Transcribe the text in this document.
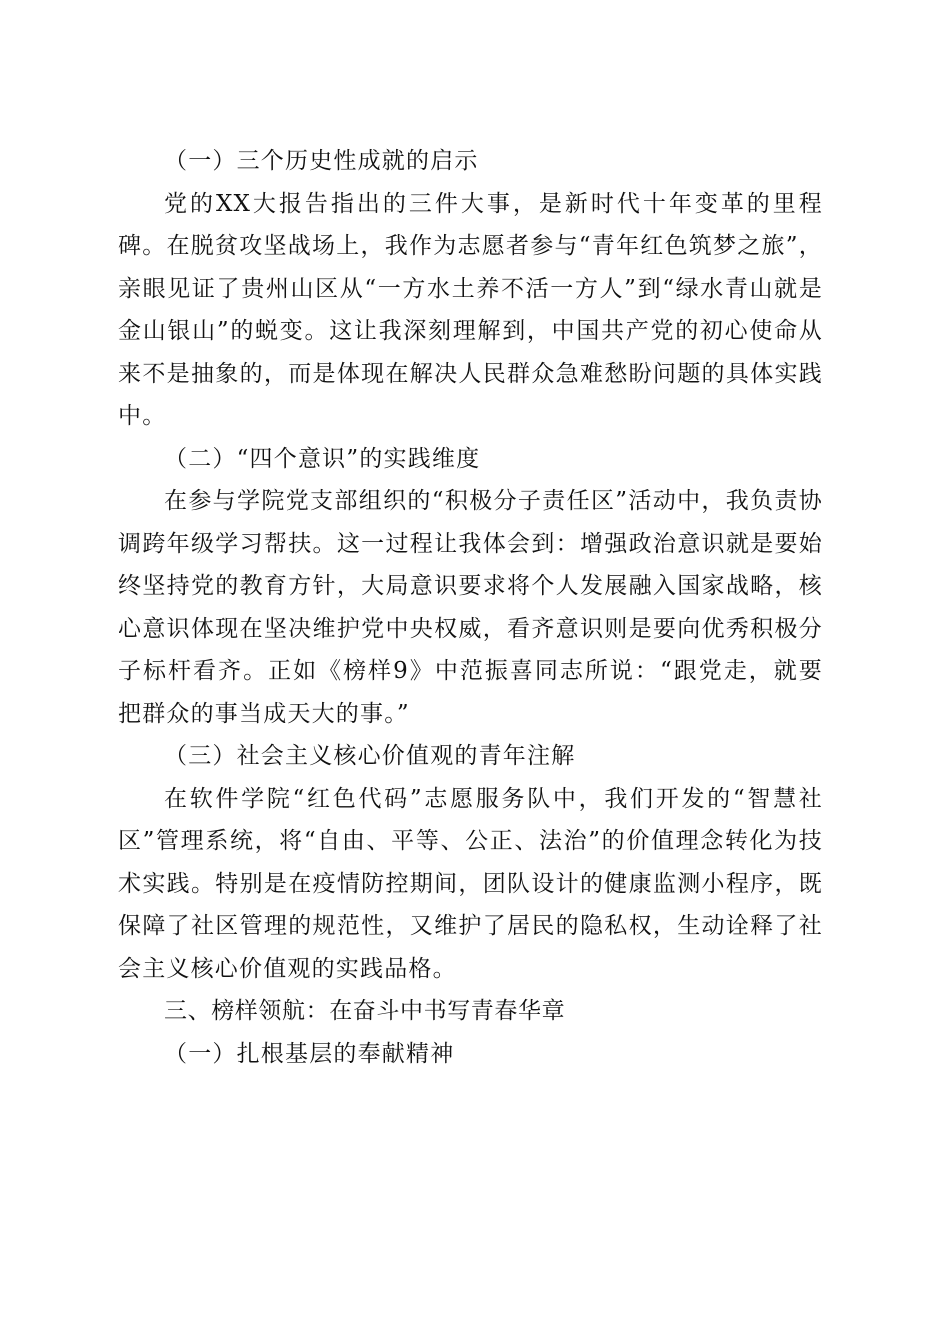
（一）三个历史性成就的启示

党的XX大报告指出的三件大事，是新时代十年变革的里程碑。在脱贫攻坚战场上，我作为志愿者参与“青年红色筑梦之旅”，亲眼见证了贵州山区从“一方水土养不活一方人”到“绿水青山就是金山银山”的蜕变。这让我深刻理解到，中国共产党的初心使命从来不是抽象的，而是体现在解决人民群众急难愁盼问题的具体实践中。

（二）“四个意识”的实践维度

在参与学院党支部组织的“积极分子责任区”活动中，我负责协调跨年级学习帮扶。这一过程让我体会到：增强政治意识就是要始终坚持党的教育方针，大局意识要求将个人发展融入国家战略，核心意识体现在坚决维护党中央权威，看齐意识则是要向优秀积极分子标杆看齐。正如《榜样9》中范振喜同志所说：“跟党走，就要把群众的事当成天大的事。”

（三）社会主义核心价值观的青年注解

在软件学院“红色代码”志愿服务队中，我们开发的“智慧社区”管理系统，将“自由、平等、公正、法治”的价值理念转化为技术实践。特别是在疫情防控期间，团队设计的健康监测小程序，既保障了社区管理的规范性，又维护了居民的隐私权，生动诠释了社会主义核心价值观的实践品格。

三、榜样领航：在奋斗中书写青春华章

（一）扎根基层的奉献精神
